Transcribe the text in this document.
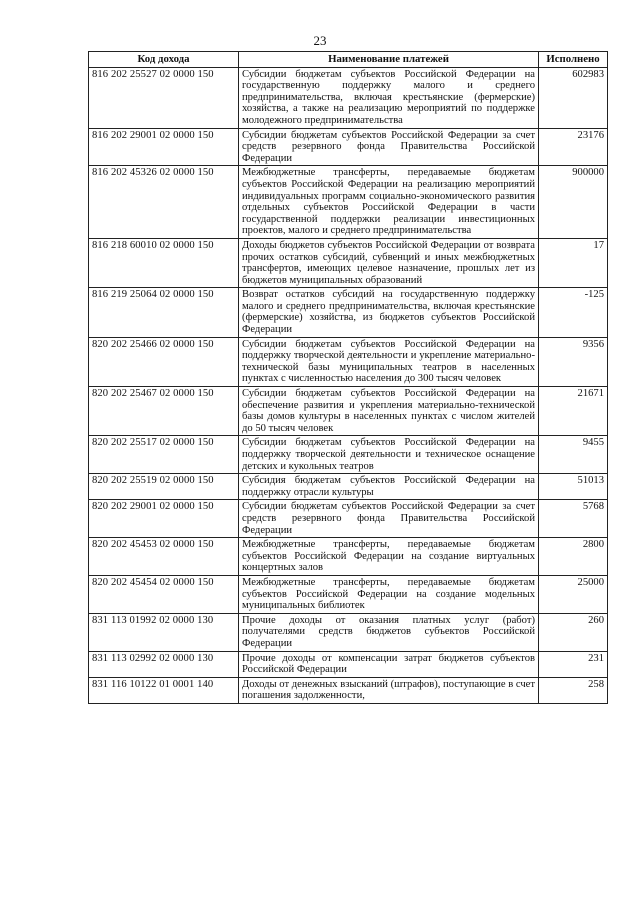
23
Код дохода	Наименование платежей	Исполнено
816 202 25527 02 0000 150	Субсидии бюджетам субъектов Российской Федерации на государственную поддержку малого и среднего предпринимательства, включая крестьянские (фермерские) хозяйства, а также на реализацию мероприятий по поддержке молодежного предпринимательства	602983
816 202 29001 02 0000 150	Субсидии бюджетам субъектов Российской Федерации за счет средств резервного фонда Правительства Российской Федерации	23176
816 202 45326 02 0000 150	Межбюджетные трансферты, передаваемые бюджетам субъектов Российской Федерации на реализацию мероприятий индивидуальных программ социально-экономического развития отдельных субъектов Российской Федерации в части государственной поддержки реализации инвестиционных проектов, малого и среднего предпринимательства	900000
816 218 60010 02 0000 150	Доходы бюджетов субъектов Российской Федерации от возврата прочих остатков субсидий, субвенций и иных межбюджетных трансфертов, имеющих целевое назначение, прошлых лет из бюджетов муниципальных образований	17
816 219 25064 02 0000 150	Возврат остатков субсидий на государственную поддержку малого и среднего предпринимательства, включая крестьянские (фермерские) хозяйства, из бюджетов субъектов Российской Федерации	-125
820 202 25466 02 0000 150	Субсидии бюджетам субъектов Российской Федерации на поддержку творческой деятельности и укрепление материально-технической базы муниципальных театров в населенных пунктах с численностью населения до 300 тысяч человек	9356
820 202 25467 02 0000 150	Субсидии бюджетам субъектов Российской Федерации на обеспечение развития и укрепления материально-технической базы домов культуры в населенных пунктах с числом жителей до 50 тысяч человек	21671
820 202 25517 02 0000 150	Субсидии бюджетам субъектов Российской Федерации на поддержку творческой деятельности и техническое оснащение детских и кукольных театров	9455
820 202 25519 02 0000 150	Субсидия бюджетам субъектов Российской Федерации на поддержку отрасли культуры	51013
820 202 29001 02 0000 150	Субсидии бюджетам субъектов Российской Федерации за счет средств резервного фонда Правительства Российской Федерации	5768
820 202 45453 02 0000 150	Межбюджетные трансферты, передаваемые бюджетам субъектов Российской Федерации на создание виртуальных концертных залов	2800
820 202 45454 02 0000 150	Межбюджетные трансферты, передаваемые бюджетам субъектов Российской Федерации на создание модельных муниципальных библиотек	25000
831 113 01992 02 0000 130	Прочие доходы от оказания платных услуг (работ) получателями средств бюджетов субъектов Российской Федерации	260
831 113 02992 02 0000 130	Прочие доходы от компенсации затрат бюджетов субъектов Российской Федерации	231
831 116 10122 01 0001 140	Доходы от денежных взысканий (штрафов), поступающие в счет погашения задолженности,	258
